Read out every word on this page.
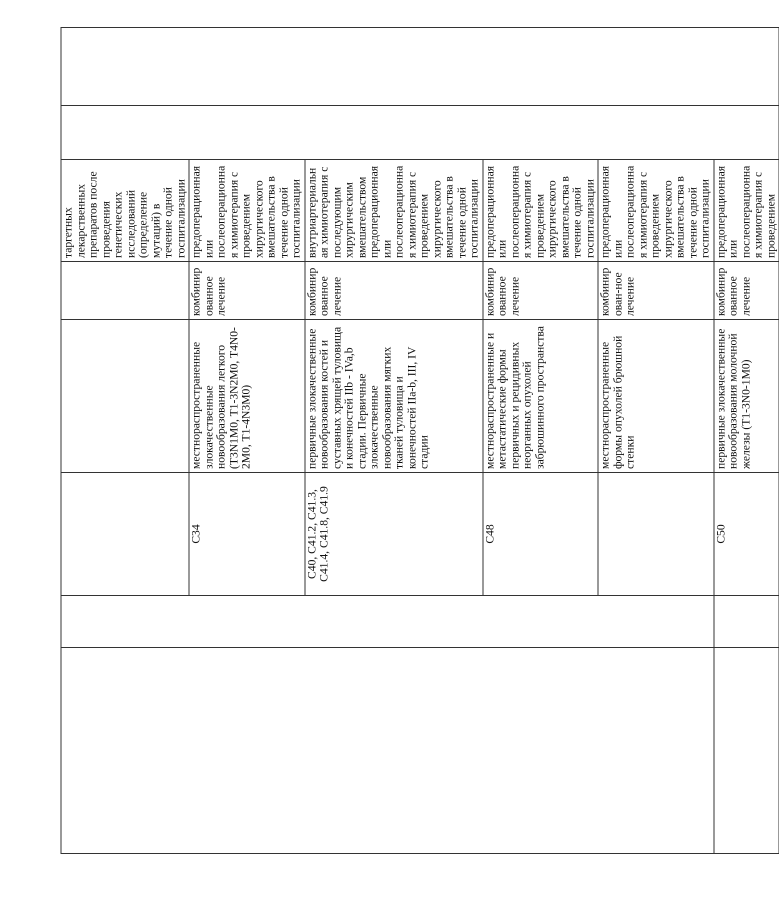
					таргетных лекарственных препаратов после проведения генетических исследований (определение мутаций) в течение одной госпитализации		
		C34	местнораспространенные злокачественные новообразования легкого (T3N1M0, T1-3N2M0, T4N0-2M0, T1-4N3M0)	комбинированное лечение	предоперационная или послеоперационная химиотерапия с проведением хирургического вмешательства в течение одной госпитализации		
		C40, C41.2, C41.3, C41.4, C41.8, C41.9	первичные злокачественные новообразования костей и суставных хрящей туловища и конечностей IIb - IVa,b стадии. Первичные злокачественные новообразования мягких тканей туловища и конечностей IIa-b, III, IV стадии	комбинированное лечение	внутриартериальная химиотерапия с последующим хирургическим вмешательством предоперационная или послеоперационная химиотерапия с проведением хирургического вмешательства в течение одной госпитализации		

		C48	местнораспространенные и метастатические формы первичных и рецидивных неорганных опухолей забрюшинного пространства	комбинированное лечение	предоперационная или послеоперационная химиотерапия с проведением хирургического вмешательства в течение одной госпитализации		
			местнораспространенные формы опухолей брюшной стенки	комбинирован-ное лечение	предоперационная или послеоперационная химиотерапия с проведением хирургического вмешательства в течение одной госпитализации		
		C50	первичные злокачественные новообразования молочной железы (T1-3N0-1M0)	комбинированное лечение	предоперационная или послеоперационная химиотерапия с проведением		
